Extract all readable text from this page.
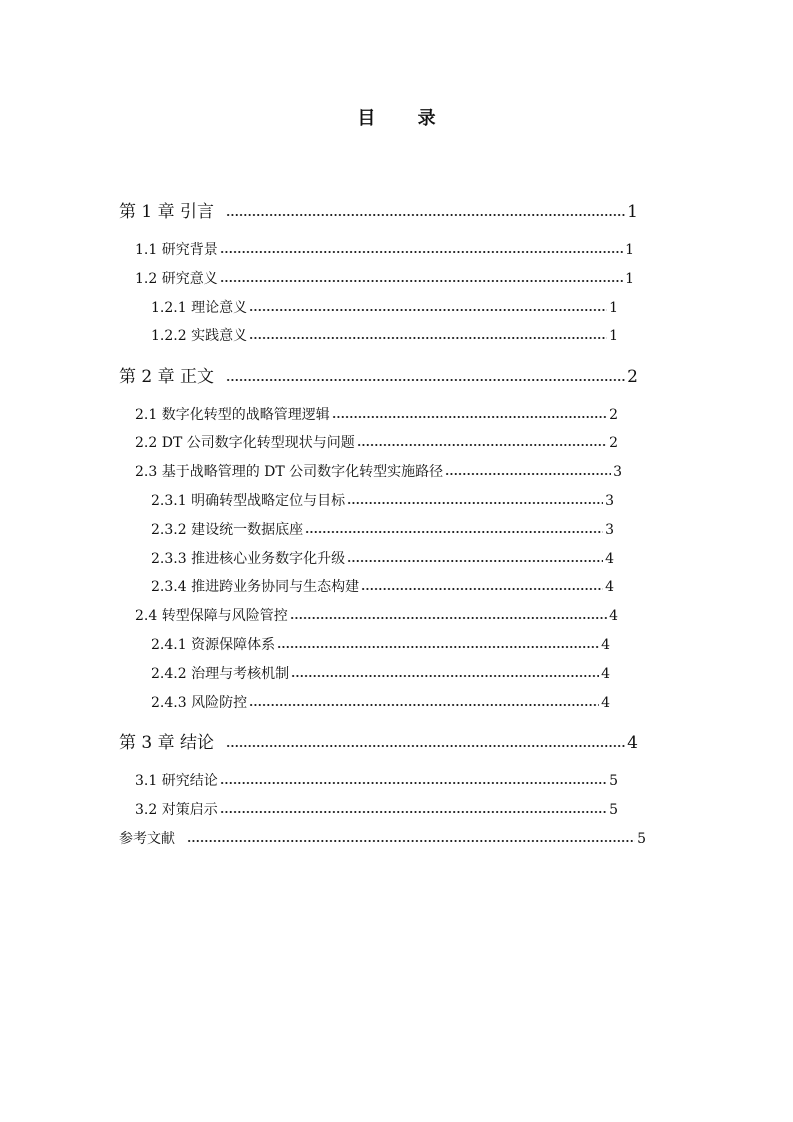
目 录
第 1 章 引言	1
1.1 研究背景	1
1.2 研究意义	1
1.2.1 理论意义	1
1.2.2 实践意义	1
第 2 章 正文	2
2.1 数字化转型的战略管理逻辑	2
2.2 DT 公司数字化转型现状与问题	2
2.3 基于战略管理的 DT 公司数字化转型实施路径	3
2.3.1 明确转型战略定位与目标	3
2.3.2 建设统一数据底座	3
2.3.3 推进核心业务数字化升级	4
2.3.4 推进跨业务协同与生态构建	4
2.4 转型保障与风险管控	4
2.4.1 资源保障体系	4
2.4.2 治理与考核机制	4
2.4.3 风险防控	4
第 3 章 结论	4
3.1 研究结论	5
3.2 对策启示	5
参考文献	5
